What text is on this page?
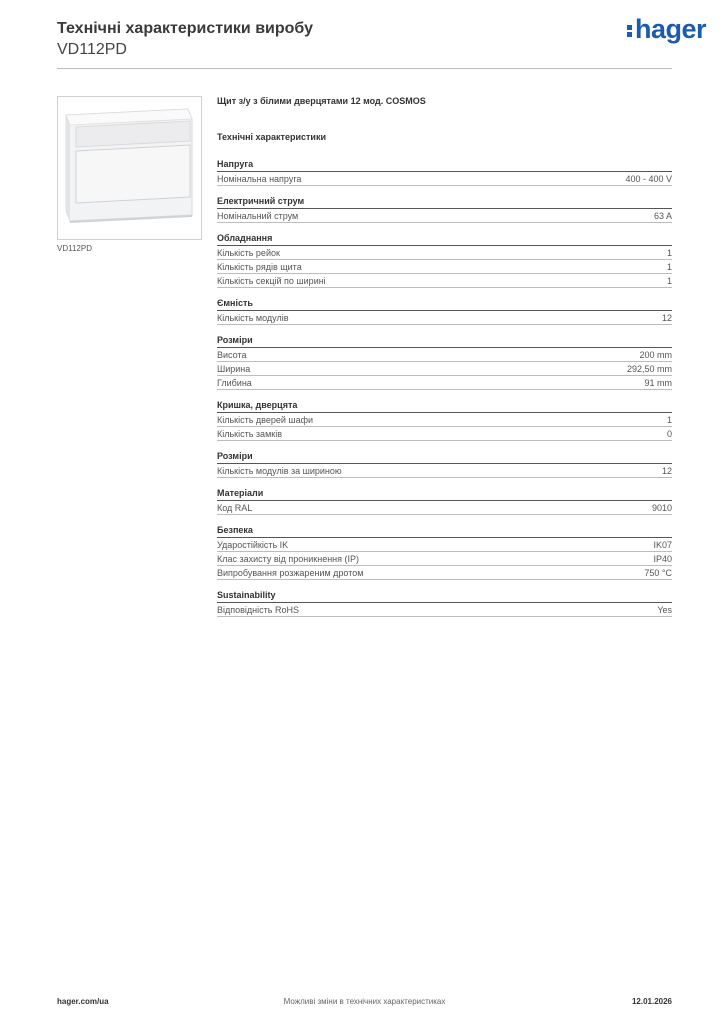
Технічні характеристики виробу
VD112PD
hager
VD112PD
Щит з/у з білими дверцятами 12 мод. COSMOS
Технічні характеристики
Напруга
Номінальна напруга	400 - 400 V
Електричний струм
Номінальний струм	63 A
Обладнання
Кількість рейок	1
Кількість рядів щита	1
Кількість секцій по ширині	1
Ємність
Кількість модулів	12
Розміри
Висота	200 mm
Ширина	292,50 mm
Глибина	91 mm
Кришка, дверцята
Кількість дверей шафи	1
Кількість замків	0
Розміри
Кількість модулів за шириною	12
Матеріали
Код RAL	9010
Безпека
Ударостійкість IK	IK07
Клас захисту від проникнення (IP)	IP40
Випробування розжареним дротом	750 °C
Sustainability
Відповідність RoHS	Yes
hager.com/ua	Можливі зміни в технічних характеристиках	12.01.2026
